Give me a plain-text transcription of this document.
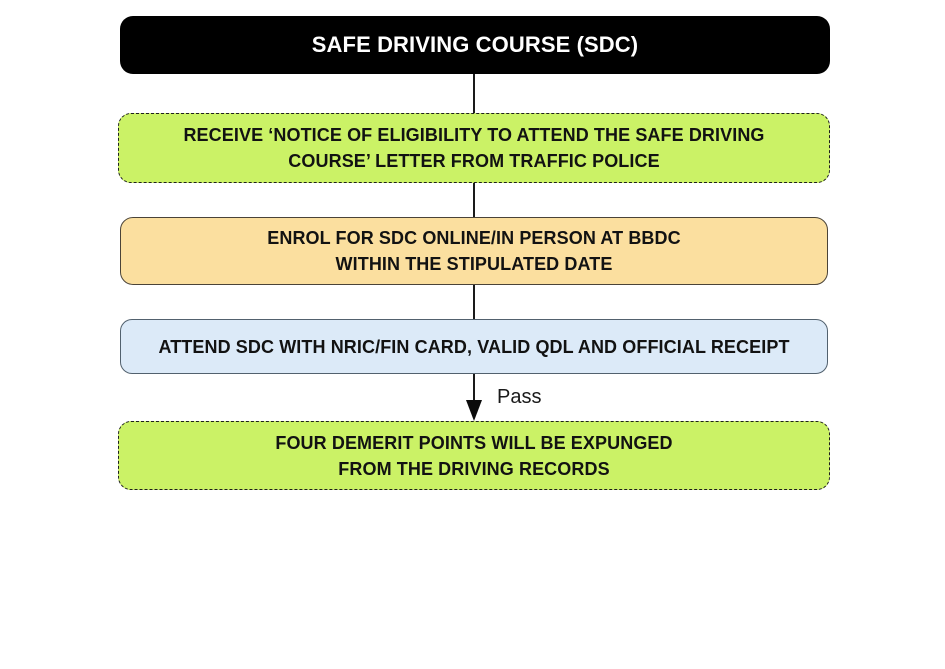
SAFE DRIVING COURSE (SDC)
RECEIVE ‘NOTICE OF ELIGIBILITY TO ATTEND THE SAFE DRIVING
COURSE’ LETTER FROM TRAFFIC POLICE
ENROL FOR SDC ONLINE/IN PERSON AT BBDC
WITHIN THE STIPULATED DATE
ATTEND SDC WITH NRIC/FIN CARD, VALID QDL AND OFFICIAL RECEIPT
Pass
FOUR DEMERIT POINTS WILL BE EXPUNGED
FROM THE DRIVING RECORDS
